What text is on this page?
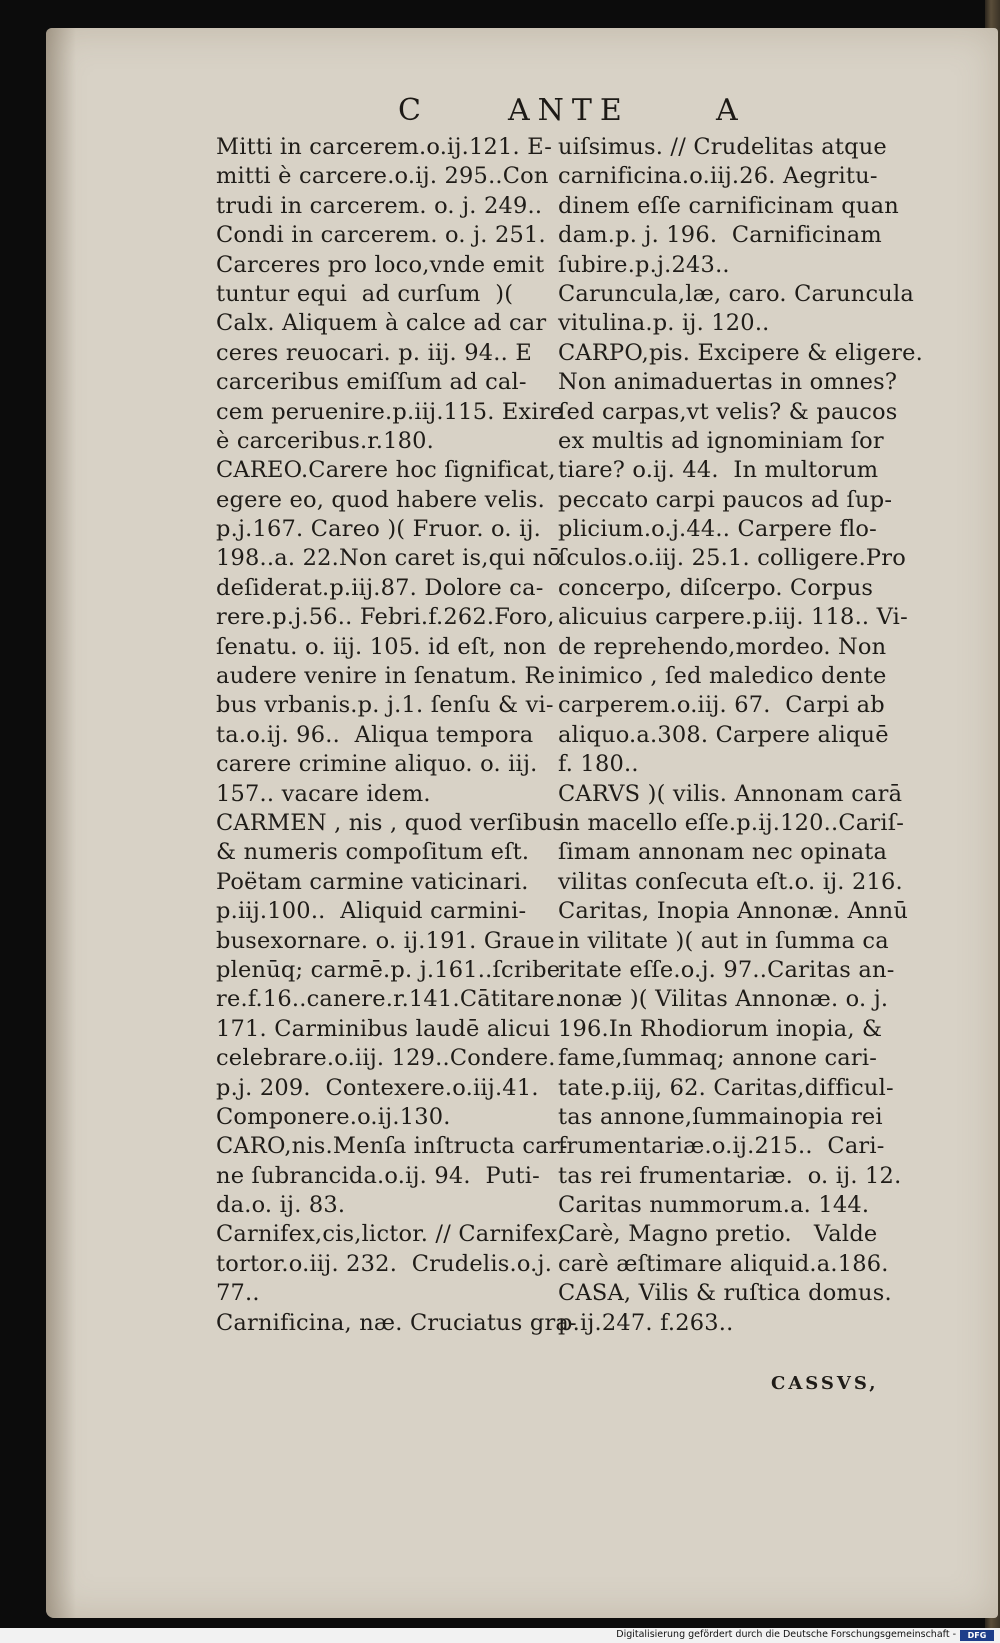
C	ANTE	A
Mitti in carcerem.o.ij.121. E-
mitti è carcere.o.ij. 295..Con
trudi in carcerem. o. j. 249..
Condi in carcerem. o. j. 251.
Carceres pro loco,vnde emit
tuntur equi  ad curſum  )(
Calx. Aliquem à calce ad car
ceres reuocari. p. iij. 94.. E
carceribus emiſſum ad cal-
cem peruenire.p.iij.115. Exire
è carceribus.r.180.
CAREO.Carere hoc ſignificat,
egere eo, quod habere velis.
p.j.167. Careo )( Fruor. o. ij.
198..a. 22.Non caret is,qui nō
deſiderat.p.iij.87. Dolore ca-
rere.p.j.56.. Febri.f.262.Foro,
ſenatu. o. iij. 105. id eſt, non
audere venire in ſenatum. Re
bus vrbanis.p. j.1. ſenſu & vi-
ta.o.ij. 96..  Aliqua tempora
carere crimine aliquo. o. iij.
157.. vacare idem.
CARMEN , nis , quod verſibus
& numeris compoſitum eſt.
Poëtam carmine vaticinari.
p.iij.100..  Aliquid carmini-
busexornare. o. ij.191. Graue
plenūq; carmē.p. j.161..ſcribe
re.f.16..canere.r.141.Cātitare.
171. Carminibus laudē alicui
celebrare.o.iij. 129..Condere.
p.j. 209.  Contexere.o.iij.41.
Componere.o.ij.130.
CARO,nis.Menſa inſtructa car-
ne ſubrancida.o.ij. 94.  Puti-
da.o. ij. 83.
Carnifex,cis,lictor. // Carnifex,
tortor.o.iij. 232.  Crudelis.o.j.
77..
Carnificina, næ. Cruciatus gra-
uiſsimus. // Crudelitas atque
carnificina.o.iij.26. Aegritu-
dinem eſſe carnificinam quan
dam.p. j. 196.  Carnificinam
ſubire.p.j.243..
Caruncula,læ, caro. Caruncula
vitulina.p. ij. 120..
CARPO,pis. Excipere & eligere.
Non animaduertas in omnes?
ſed carpas,vt velis? & paucos
ex multis ad ignominiam ſor
tiare? o.ij. 44.  In multorum
peccato carpi paucos ad ſup-
plicium.o.j.44.. Carpere flo-
ſculos.o.iij. 25.1. colligere.Pro
concerpo, diſcerpo. Corpus
alicuius carpere.p.iij. 118.. Vi-
de reprehendo,mordeo. Non
inimico , ſed maledico dente
carperem.o.iij. 67.  Carpi ab
aliquo.a.308. Carpere aliquē
f. 180..
CARVS )( vilis. Annonam carā
in macello eſſe.p.ij.120..Cariſ-
ſimam annonam nec opinata
vilitas conſecuta eſt.o. ij. 216.
Caritas, Inopia Annonæ. Annū
in vilitate )( aut in ſumma ca
ritate eſſe.o.j. 97..Caritas an-
nonæ )( Vilitas Annonæ. o. j.
196.In Rhodiorum inopia, &
fame,ſummaq; annone cari-
tate.p.iij, 62. Caritas,difficul-
tas annone,ſummainopia rei
frumentariæ.o.ij.215..  Cari-
tas rei frumentariæ.  o. ij. 12.
Caritas nummorum.a. 144.
Carè, Magno pretio.   Valde
carè æſtimare aliquid.a.186.
CASA, Vilis & ruſtica domus.
p.ij.247. f.263..
CASSVS,
Digitalisierung gefördert durch die Deutsche Forschungsgemeinschaft -	DFG
